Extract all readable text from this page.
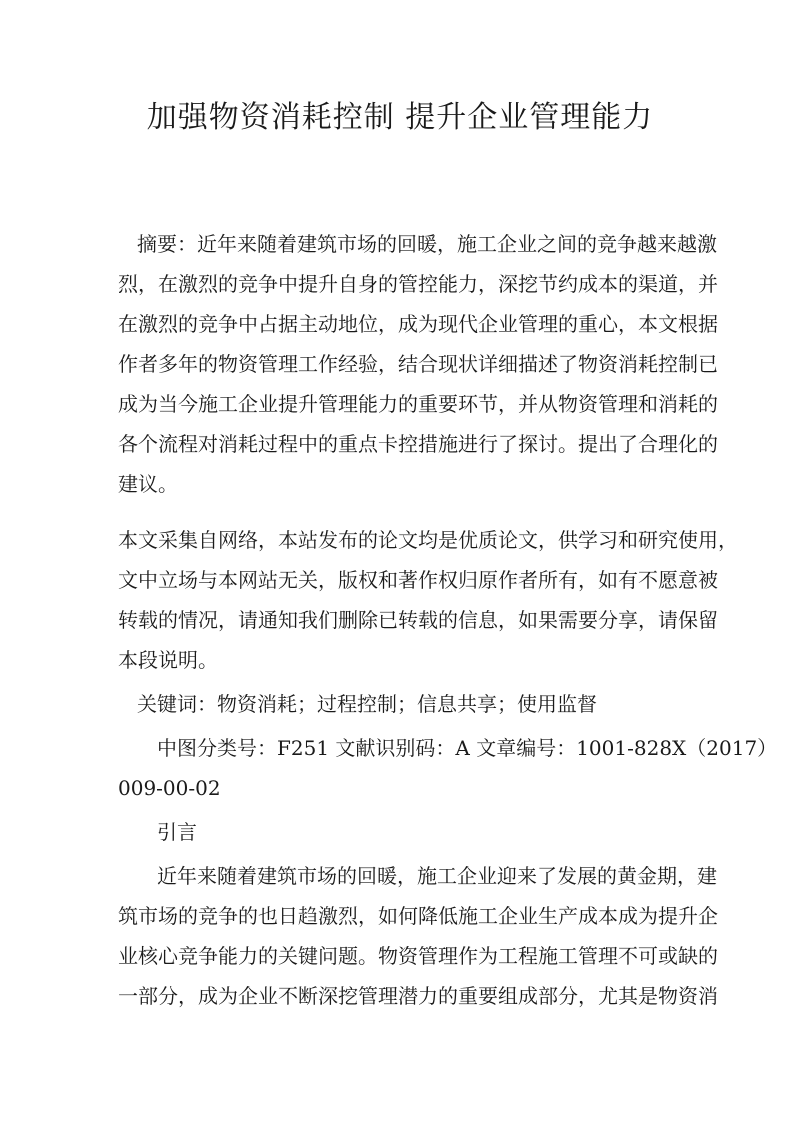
加强物资消耗控制 提升企业管理能力
摘要：近年来随着建筑市场的回暖，施工企业之间的竞争越来越激
烈，在激烈的竞争中提升自身的管控能力，深挖节约成本的渠道，并
在激烈的竞争中占据主动地位，成为现代企业管理的重心，本文根据
作者多年的物资管理工作经验，结合现状详细描述了物资消耗控制已
成为当今施工企业提升管理能力的重要环节，并从物资管理和消耗的
各个流程对消耗过程中的重点卡控措施进行了探讨。提出了合理化的
建议。
本文采集自网络，本站发布的论文均是优质论文，供学习和研究使用，
文中立场与本网站无关，版权和著作权归原作者所有，如有不愿意被
转载的情况，请通知我们删除已转载的信息，如果需要分享，请保留
本段说明。
关键词：物资消耗；过程控制；信息共享；使用监督
中图分类号：F251 文献识别码：A 文章编号：1001-828X（2017）
009-00-02
引言
近年来随着建筑市场的回暖，施工企业迎来了发展的黄金期，建
筑市场的竞争的也日趋激烈，如何降低施工企业生产成本成为提升企
业核心竞争能力的关键问题。物资管理作为工程施工管理不可或缺的
一部分，成为企业不断深挖管理潜力的重要组成部分，尤其是物资消
